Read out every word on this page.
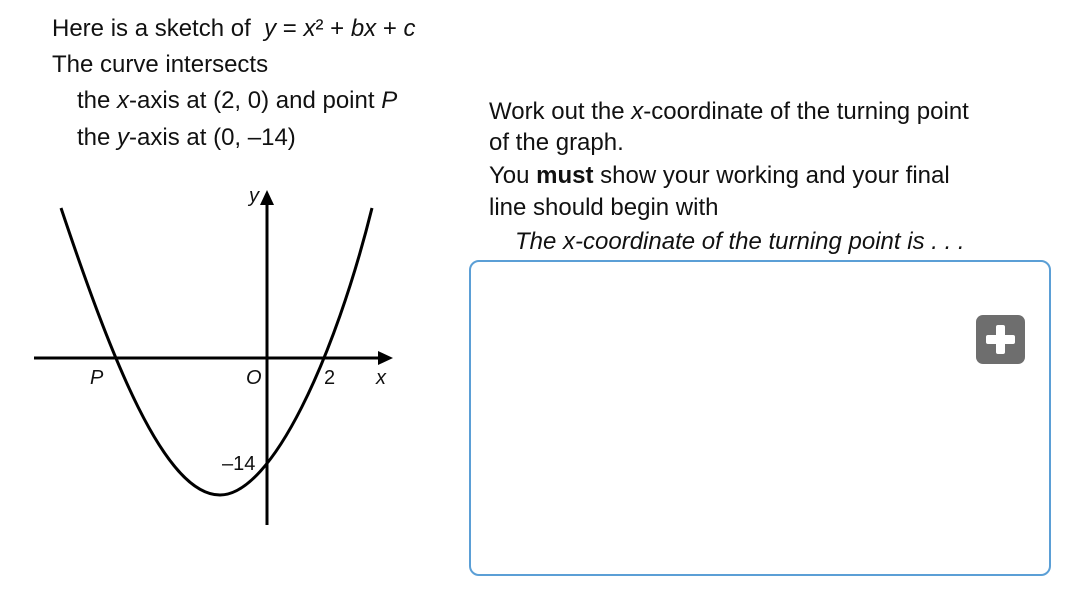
Here is a sketch of y = x² + bx + c
The curve intersects
the x-axis at (2, 0) and point P
the y-axis at (0, –14)
y
x
O
P	2
–14
Work out the x-coordinate of the turning point
of the graph.
You must show your working and your final
line should begin with
The x-coordinate of the turning point is . . .
